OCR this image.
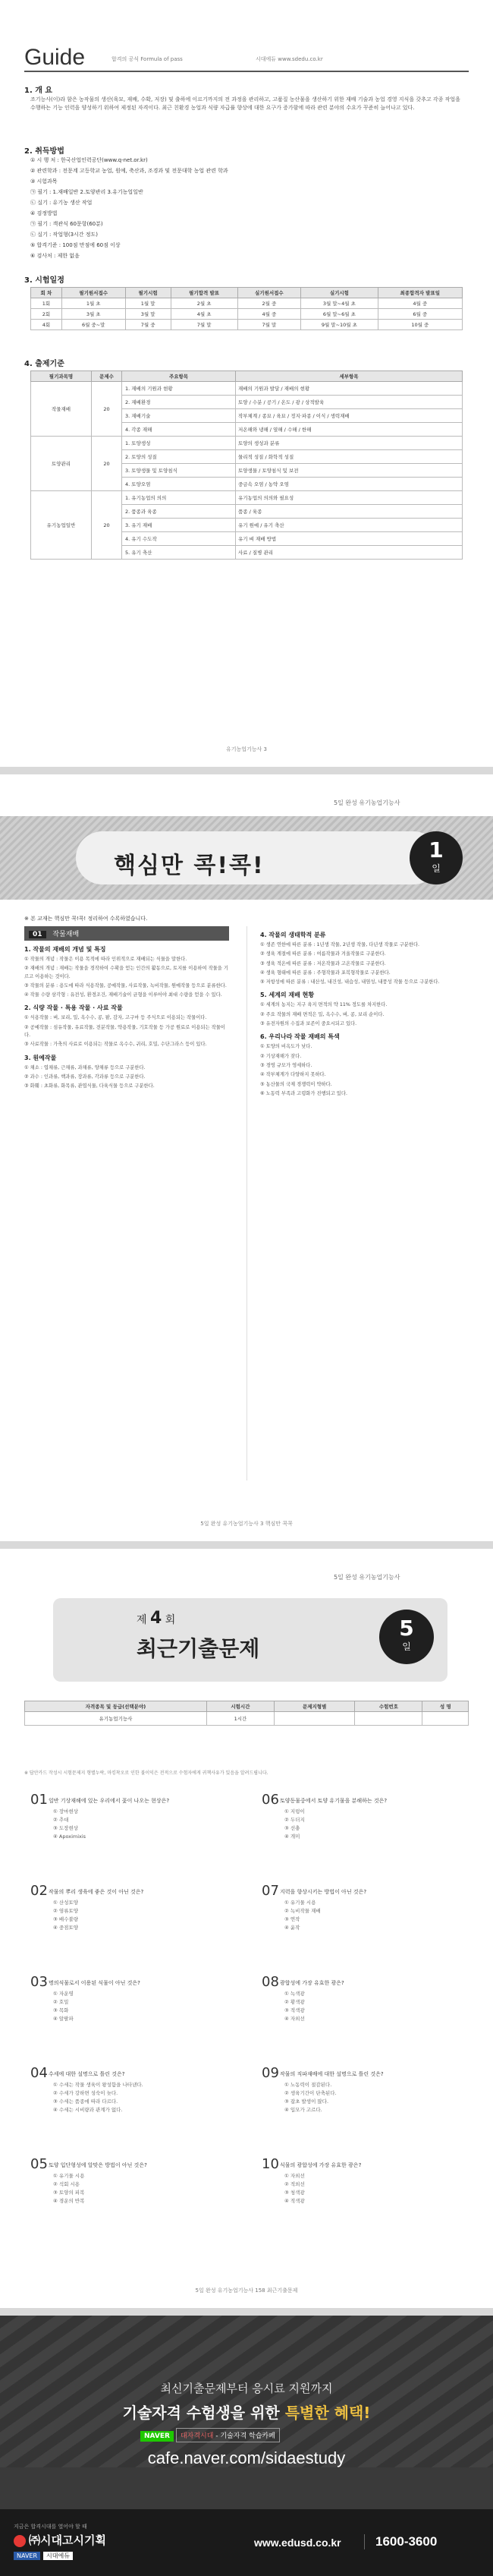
Guide	합격의 공식 Formula of pass	시대에듀 www.sdedu.co.kr
1. 개 요
조기능사(이)라 함은 농작물의 생산(육묘, 재배, 수확, 저장) 및 출하에 이르기까지의 전 과정을 관리하고, 고품질 농산물을 생산하기 위한 재배 기술과 농업 경영 지식을 갖추고 각종 작업을 수행하는 기능 인력을 양성하기 위하여 제정된 자격이다. 최근 친환경 농업과 식량 자급률 향상에 대한 요구가 증가함에 따라 관련 분야의 수요가 꾸준히 늘어나고 있다.
2. 취득방법
① 시 행 처 : 한국산업인력공단(www.q-net.or.kr)
② 관련학과 : 전문계 고등학교 농업, 원예, 축산과, 조경과 및 전문대학 농업 관련 학과
③ 시험과목
㉠ 필기 : 1.재배일반 2.토양관리 3.유기농업일반
㉡ 실기 : 유기농 생산 작업
④ 검정방법
㉠ 필기 : 객관식 60문항(60분)
㉡ 실기 : 작업형(3시간 정도)
⑤ 합격기준 : 100점 만점에 60점 이상
⑥ 검사처 : 제한 없음
3. 시험일정
회 차	필기원서접수	필기시험	필기합격 발표	실기원서접수	실기시험	최종합격자 발표일
1회	1월 초	1월 말	2월 초	2월 중	3월 말~4월 초	4월 중
2회	3월 초	3월 말	4월 초	4월 중	6월 말~6월 초	6월 중
4회	6월 중~말	7월 중	7월 말	7월 말	9월 말~10월 초	10월 중
4. 출제기준
필기과목명	문제수	주요항목	세부항목
작물재배	20	1. 재배의 기원과 현황	재배의 기원과 발달 / 재배의 현황
		2. 재배환경	토양 / 수분 / 공기 / 온도 / 광 / 상적발육
		3. 재배기술	작부체계 / 종묘 / 육묘 / 정지·파종 / 이식 / 생력재배
		4. 각종 재해	저온해와 냉해 / 열해 / 수해 / 한해
토양관리	20	1. 토양생성	토양의 생성과 분류
		2. 토양의 성질	물리적 성질 / 화학적 성질
		3. 토양생물 및 토양침식	토양생물 / 토양침식 및 보전
		4. 토양오염	중금속 오염 / 농약 오염
유기농업일반	20	1. 유기농업의 의의	유기농업의 의의와 필요성
		2. 품종과 육종	품종 / 육종
		3. 유기 재배	유기 원예 / 유기 축산
		4. 유기 수도작	유기 벼 재배 방법
		5. 유기 축산	사료 / 질병 관리
유기농업기능사 3
5일 완성 유기농업기능사
핵심만 콕!콕!
1
일
※ 본 교재는 핵심만 콕!콕! 정리하여 수록하였습니다.
01 작물재배
1. 작물의 재배의 개념 및 특징
① 작물의 개념 : 작물은 이용 목적에 따라 인위적으로 재배되는 식물을 말한다.
② 재배의 개념 : 재배는 작물을 경작하여 수확을 얻는 인간의 활동으로, 토지를 이용하여 작물을 기르고 이용하는 것이다.
③ 작물의 분류 : 용도에 따라 식용작물, 공예작물, 사료작물, 녹비작물, 원예작물 등으로 분류한다.
④ 작물 수량 삼각형 : 유전성, 환경조건, 재배기술이 균형을 이루어야 최대 수량을 얻을 수 있다.
2. 식량 작물 · 특용 작물 · 사료 작물
① 식용작물 : 벼, 보리, 밀, 옥수수, 콩, 팥, 감자, 고구마 등 주식으로 이용되는 작물이다.
② 공예작물 : 섬유작물, 유료작물, 전분작물, 약용작물, 기호작물 등 가공 원료로 이용되는 작물이다.
③ 사료작물 : 가축의 사료로 이용되는 작물로 옥수수, 귀리, 호밀, 수단그라스 등이 있다.
3. 원예작물
① 채소 : 엽채류, 근채류, 과채류, 양채류 등으로 구분한다.
② 과수 : 인과류, 핵과류, 장과류, 각과류 등으로 구분한다.
③ 화훼 : 초화류, 화목류, 관엽식물, 다육식물 등으로 구분한다.
4. 작물의 생태학적 분류
① 생존 연한에 따른 분류 : 1년생 작물, 2년생 작물, 다년생 작물로 구분한다.
② 생육 계절에 따른 분류 : 여름작물과 겨울작물로 구분한다.
③ 생육 적온에 따른 분류 : 저온작물과 고온작물로 구분한다.
④ 생육 형태에 따른 분류 : 주형작물과 포복형작물로 구분한다.
⑤ 저항성에 따른 분류 : 내산성, 내건성, 내습성, 내염성, 내풍성 작물 등으로 구분한다.
5. 세계의 재배 현황
① 세계의 농지는 지구 육지 면적의 약 11% 정도를 차지한다.
② 주요 작물의 재배 면적은 밀, 옥수수, 벼, 콩, 보리 순이다.
③ 유전자원의 수집과 보존이 중요시되고 있다.
6. 우리나라 작물 재배의 특색
① 토양의 비옥도가 낮다.
② 기상재해가 잦다.
③ 경영 규모가 영세하다.
④ 작부체계가 다양하지 못하다.
⑤ 농산물의 국제 경쟁력이 약하다.
⑥ 노동력 부족과 고령화가 진행되고 있다.
5일 완성 유기농업기능사 3 핵심만 콕콕
5일 완성 유기농업기능사
제 4 회
최근기출문제
5
일
자격종목 및 등급(선택분야)	시험시간	문제지형별	수험번호	성 명
유기농업기능사	1시간			
※ 답안카드 작성시 시험문제지 형별누락, 마킹착오로 인한 불이익은 전적으로 수험자에게 귀책사유가 있음을 알려드립니다.
01일반 기상재해에 있는 우리에서 꽃이 나오는 현상은?
① 장마현상
② 추대
③ 도장현상
④ Apoximixis
02작물의 뿌리 생육에 좋은 것이 아닌 것은?
① 산성토양
② 염류토양
③ 배수불량
④ 중점토양
03명의식물로서 이용된 식물이 아닌 것은?
① 자운영
② 호밀
③ 목화
④ 알팔파
04수세에 대한 설명으로 틀린 것은?
① 수세는 작물 생육이 왕성함을 나타낸다.
② 수세가 강하면 성숙이 늦다.
③ 수세는 품종에 따라 다르다.
④ 수세는 시비량과 관계가 없다.
05토양 입단형성에 알맞은 방법이 아닌 것은?
① 유기물 시용
② 석회 시용
③ 토양의 피복
④ 경운의 반복
06토양동물중에서 토양 유기물을 분해하는 것은?
① 지렁이
② 두더지
③ 선충
④ 개미
07지력을 향상시키는 방법이 아닌 것은?
① 유기물 시용
② 녹비작물 재배
③ 연작
④ 윤작
08광합성에 가장 유효한 광은?
① 녹색광
② 황색광
③ 적색광
④ 자외선
09작물의 직파재배에 대한 설명으로 틀린 것은?
① 노동력이 절감된다.
② 생육기간이 단축된다.
③ 잡초 발생이 많다.
④ 입모가 고르다.
10식물의 광합성에 가장 유효한 광은?
① 자외선
② 적외선
③ 청색광
④ 적색광
5일 완성 유기농업기능사 158 최근기출문제
최신기출문제부터 응시료 지원까지
기술자격 수험생을 위한 특별한 혜택!
NAVER 대자격시대 - 기술자격 학습카페
cafe.naver.com/sidaestudy
지금은 합격시대를 열어야 할 때
㈜시대고시기획
NAVER 시대에듀
www.edusd.co.kr	1600-3600
